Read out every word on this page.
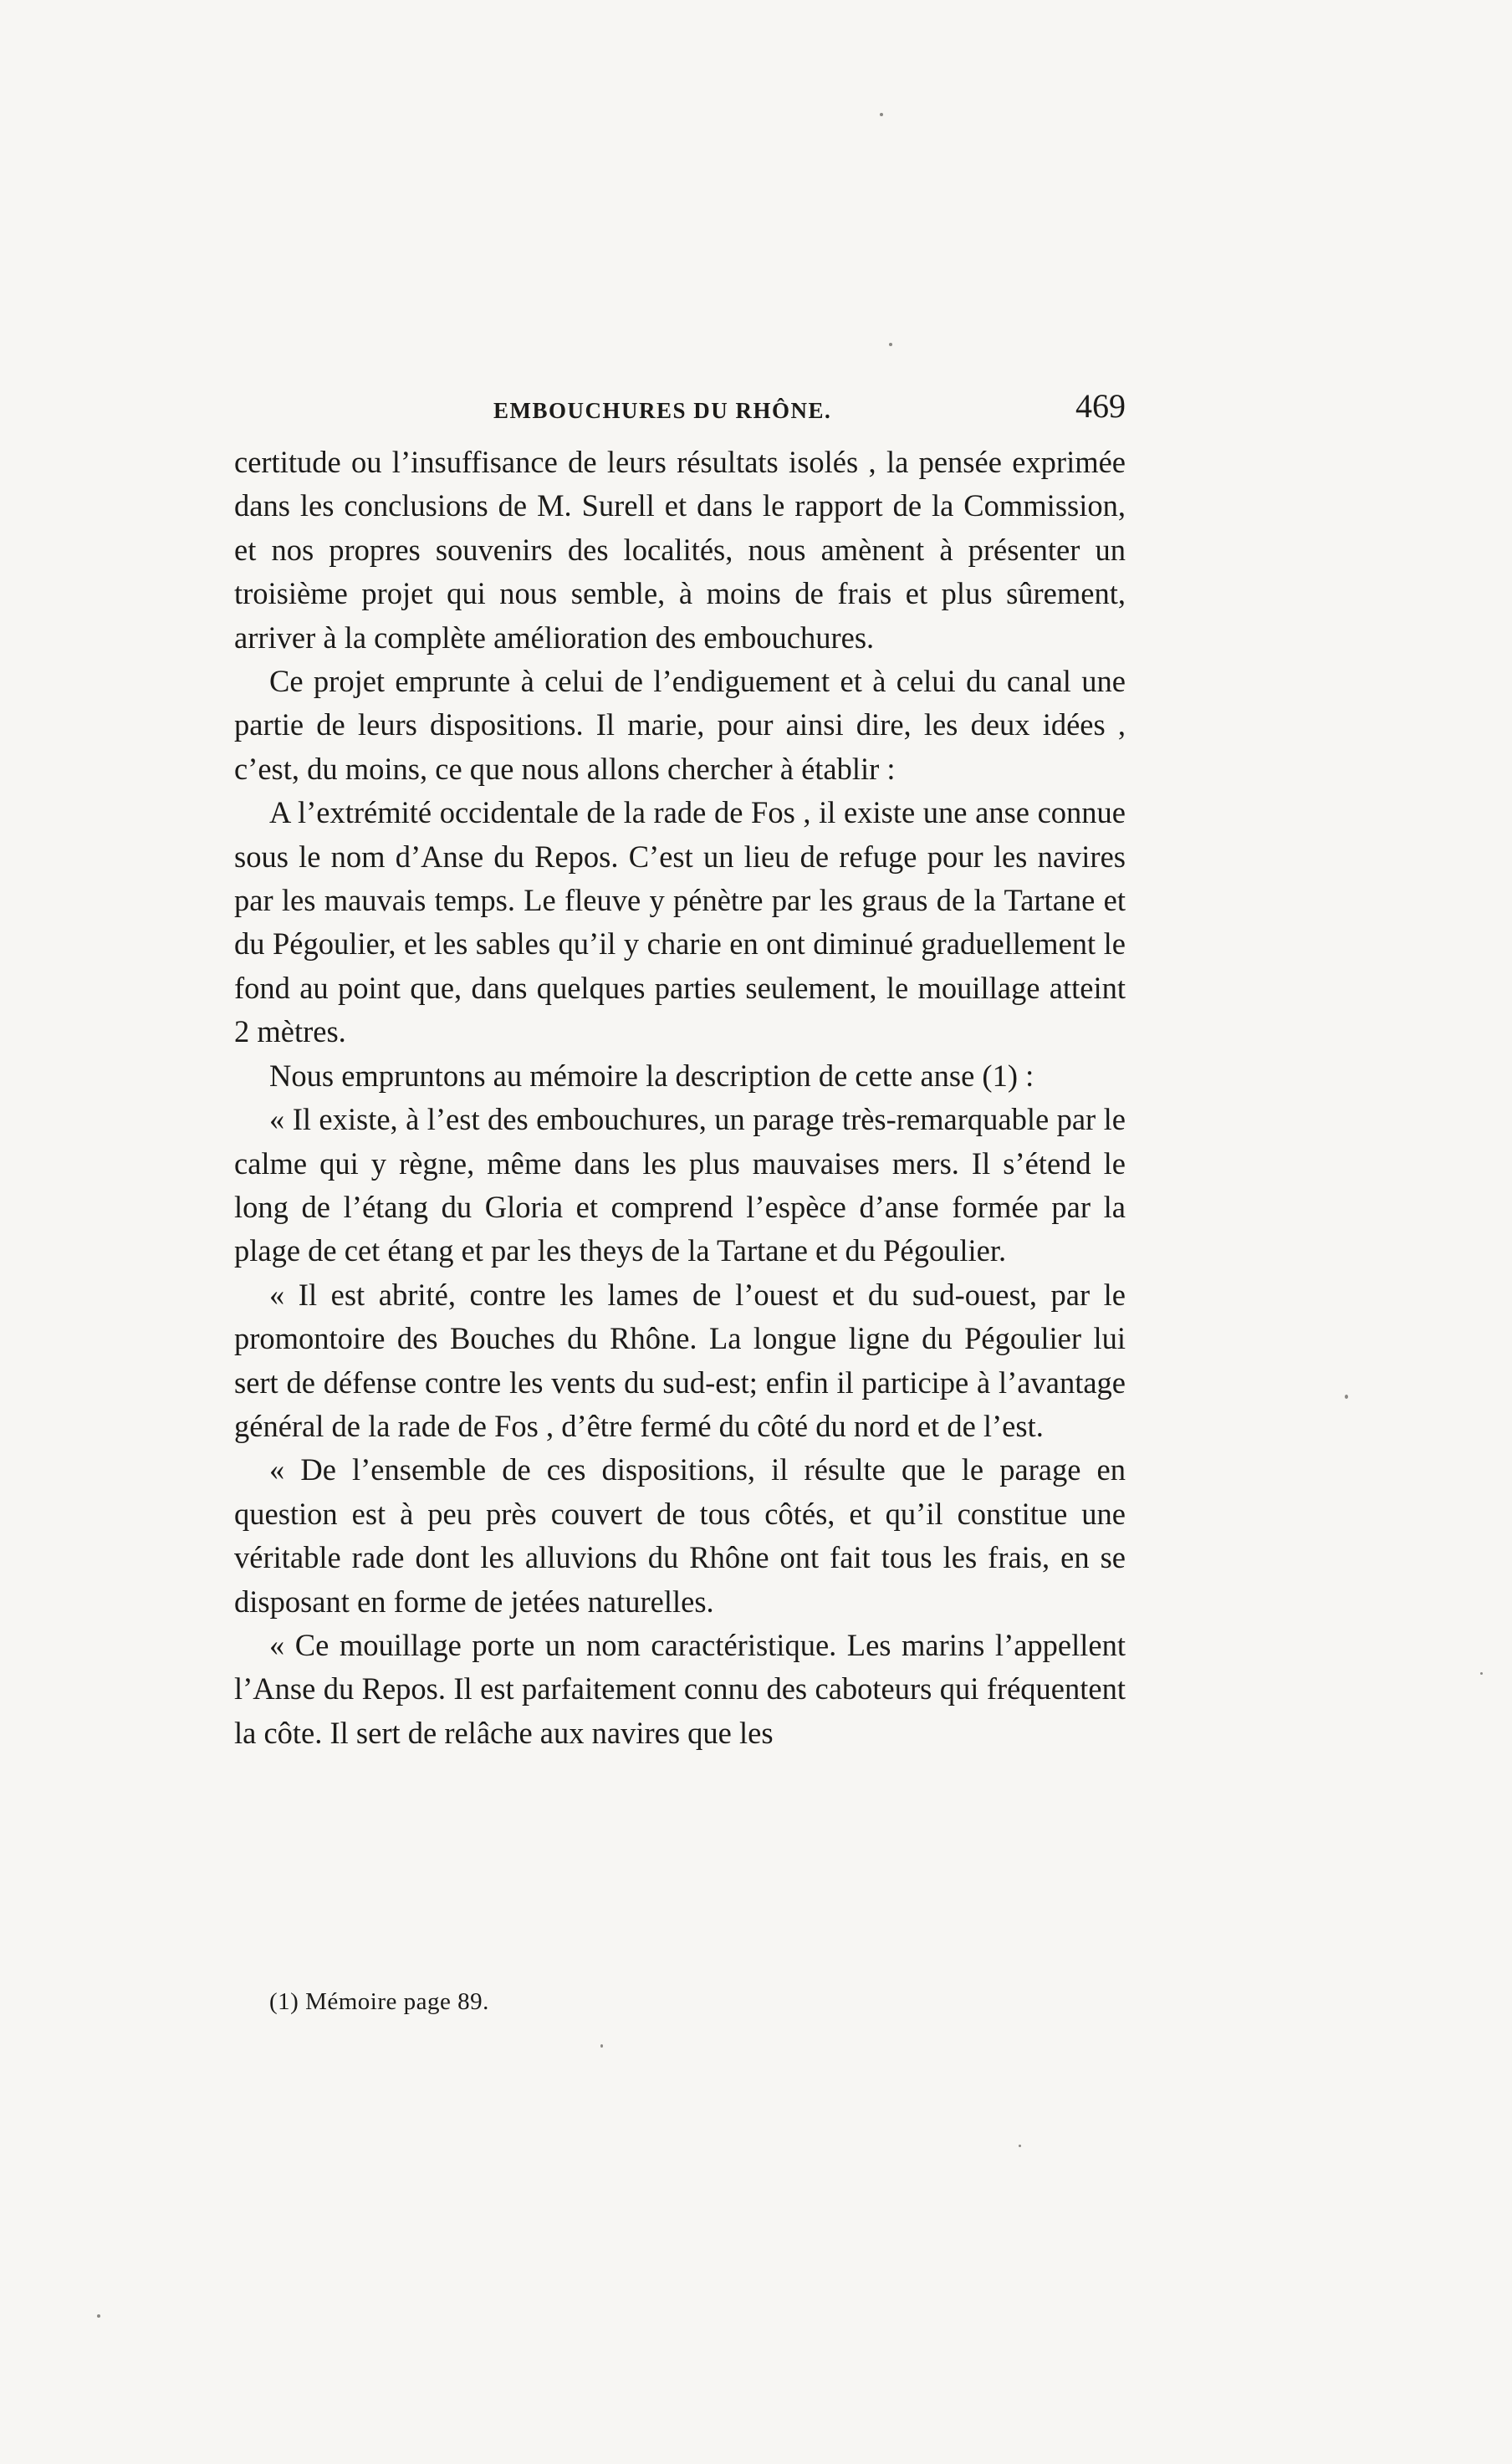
EMBOUCHURES DU RHÔNE.	469

certitude ou l’insuffisance de leurs résultats isolés , la pensée exprimée dans les conclusions de M. Surell et dans le rapport de la Commission, et nos propres souvenirs des localités, nous amènent à présenter un troisième projet qui nous semble, à moins de frais et plus sûrement, arriver à la complète amélioration des embouchures.

Ce projet emprunte à celui de l’endiguement et à celui du canal une partie de leurs dispositions. Il marie, pour ainsi dire, les deux idées , c’est, du moins, ce que nous allons chercher à établir :

A l’extrémité occidentale de la rade de Fos , il existe une anse connue sous le nom d’Anse du Repos. C’est un lieu de refuge pour les navires par les mauvais temps. Le fleuve y pénètre par les graus de la Tartane et du Pégoulier, et les sables qu’il y charie en ont diminué graduellement le fond au point que, dans quelques parties seulement, le mouillage atteint 2 mètres.

Nous empruntons au mémoire la description de cette anse (1) :

« Il existe, à l’est des embouchures, un parage très-remarquable par le calme qui y règne, même dans les plus mauvaises mers. Il s’étend le long de l’étang du Gloria et comprend l’espèce d’anse formée par la plage de cet étang et par les theys de la Tartane et du Pégoulier.

« Il est abrité, contre les lames de l’ouest et du sud-ouest, par le promontoire des Bouches du Rhône. La longue ligne du Pégoulier lui sert de défense contre les vents du sud-est; enfin il participe à l’avantage général de la rade de Fos , d’être fermé du côté du nord et de l’est.

« De l’ensemble de ces dispositions, il résulte que le parage en question est à peu près couvert de tous côtés, et qu’il constitue une véritable rade dont les alluvions du Rhône ont fait tous les frais, en se disposant en forme de jetées naturelles.

« Ce mouillage porte un nom caractéristique. Les marins l’appellent l’Anse du Repos. Il est parfaitement connu des caboteurs qui fréquentent la côte. Il sert de relâche aux navires que les

(1) Mémoire page 89.
